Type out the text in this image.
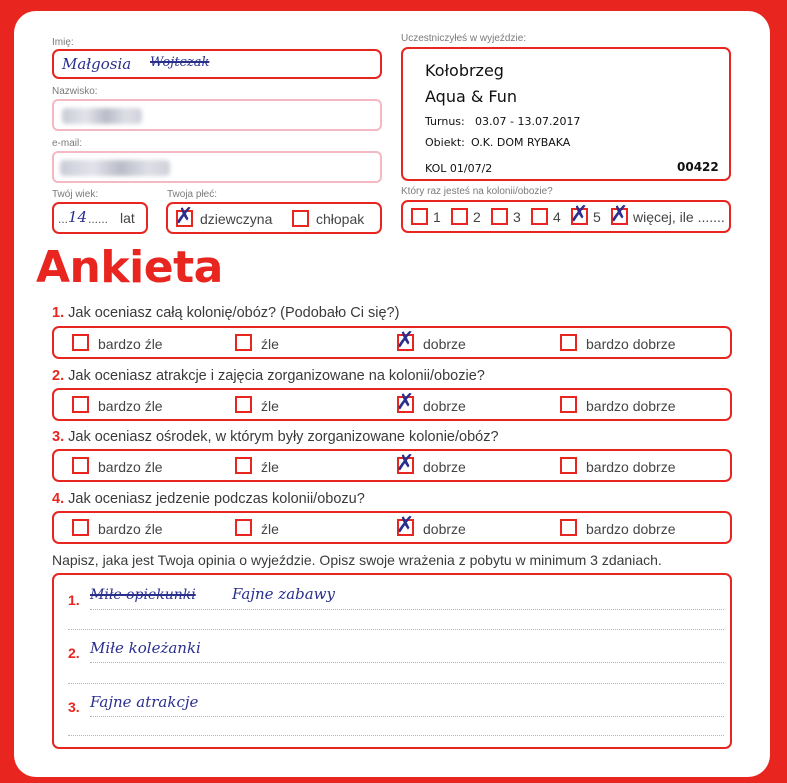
Imię:
Małgosia Wojtczak
Nazwisko:
e-mail:
Twój wiek:
... 14 ...... lat
Twoja płeć:
✗ dziewczyna	chłopak
Uczestniczyłeś w wyjeździe:
Kołobrzeg
Aqua & Fun
Turnus: 03.07 - 13.07.2017
Obiekt: O.K. DOM RYBAKA
KOL 01/07/2	00422
Który raz jesteś na kolonii/obozie?
1 2 3 4 ✗ 5 ✗ więcej, ile .......
Ankieta
1. Jak oceniasz całą kolonię/obóz? (Podobało Ci się?)
bardzo źle	źle	✗ dobrze	bardzo dobrze
2. Jak oceniasz atrakcje i zajęcia zorganizowane na kolonii/obozie?
bardzo źle	źle	✗ dobrze	bardzo dobrze
3. Jak oceniasz ośrodek, w którym były zorganizowane kolonie/obóz?
bardzo źle	źle	✗ dobrze	bardzo dobrze
4. Jak oceniasz jedzenie podczas kolonii/obozu?
bardzo źle	źle	✗ dobrze	bardzo dobrze
Napisz, jaka jest Twoja opinia o wyjeździe. Opisz swoje wrażenia z pobytu w minimum 3 zdaniach.
1. Miłe opiekunki Fajne zabawy
2. Miłe koleżanki
3. Fajne atrakcje
